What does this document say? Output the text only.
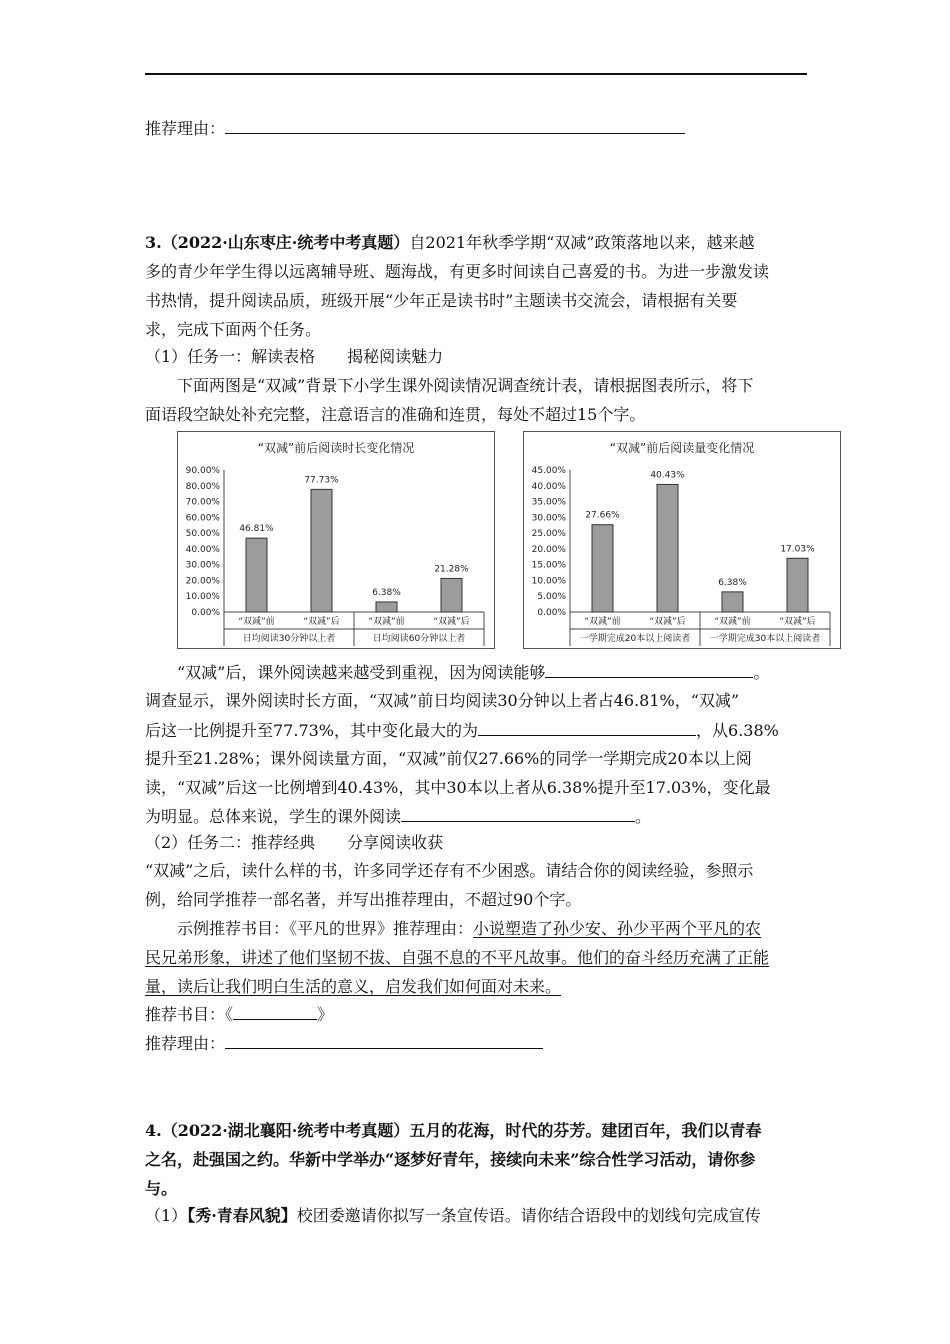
推荐理由：
3.（2022·山东枣庄·统考中考真题）自2021年秋季学期“双减”政策落地以来，越来越
多的青少年学生得以远离辅导班、题海战，有更多时间读自己喜爱的书。为进一步激发读
书热情，提升阅读品质，班级开展“少年正是读书时”主题读书交流会，请根据有关要
求，完成下面两个任务。
（1）任务一：解读表格　　揭秘阅读魅力
下面两图是“双减”背景下小学生课外阅读情况调查统计表，请根据图表所示，将下
面语段空缺处补充完整，注意语言的准确和连贯，每处不超过15个字。
“双减”前后阅读时长变化情况
0.00%
10.00%
20.00%
30.00%
40.00%
50.00%
60.00%
70.00%
80.00%
90.00%
46.81%
“双减”前
77.73%
“双减”后
6.38%
“双减”前
21.28%
“双减”后
日均阅读30分钟以上者	日均阅读60分钟以上者
“双减”前后阅读量变化情况
0.00%
5.00%
10.00%
15.00%
20.00%
25.00%
30.00%
35.00%
40.00%
45.00%
27.66%
“双减”前
40.43%
“双减”后
6.38%
“双减”前
17.03%
“双减”后
一学期完成20本以上阅读者 一学期完成30本以上阅读者
“双减”后，课外阅读越来越受到重视，因为阅读能够	。
调查显示，课外阅读时长方面，“双减”前日均阅读30分钟以上者占46.81%，“双减”
后这一比例提升至77.73%，其中变化最大的为	，从6.38%
提升至21.28%；课外阅读量方面，“双减”前仅27.66%的同学一学期完成20本以上阅
读，“双减”后这一比例增到40.43%，其中30本以上者从6.38%提升至17.03%，变化最
为明显。总体来说，学生的课外阅读	。
（2）任务二：推荐经典　　分享阅读收获
“双减”之后，读什么样的书，许多同学还存有不少困惑。请结合你的阅读经验，参照示
例，给同学推荐一部名著，并写出推荐理由，不超过90个字。
示例推荐书目：《平凡的世界》推荐理由：小说塑造了孙少安、孙少平两个平凡的农
民兄弟形象，讲述了他们坚韧不拔、自强不息的不平凡故事。他们的奋斗经历充满了正能
量，读后让我们明白生活的意义，启发我们如何面对未来。
推荐书目：《	》
推荐理由：
4.（2022·湖北襄阳·统考中考真题）五月的花海，时代的芬芳。建团百年，我们以青春
之名，赴强国之约。华新中学举办“逐梦好青年，接续向未来”综合性学习活动，请你参
与。
（1）【秀·青春风貌】校团委邀请你拟写一条宣传语。请你结合语段中的划线句完成宣传
